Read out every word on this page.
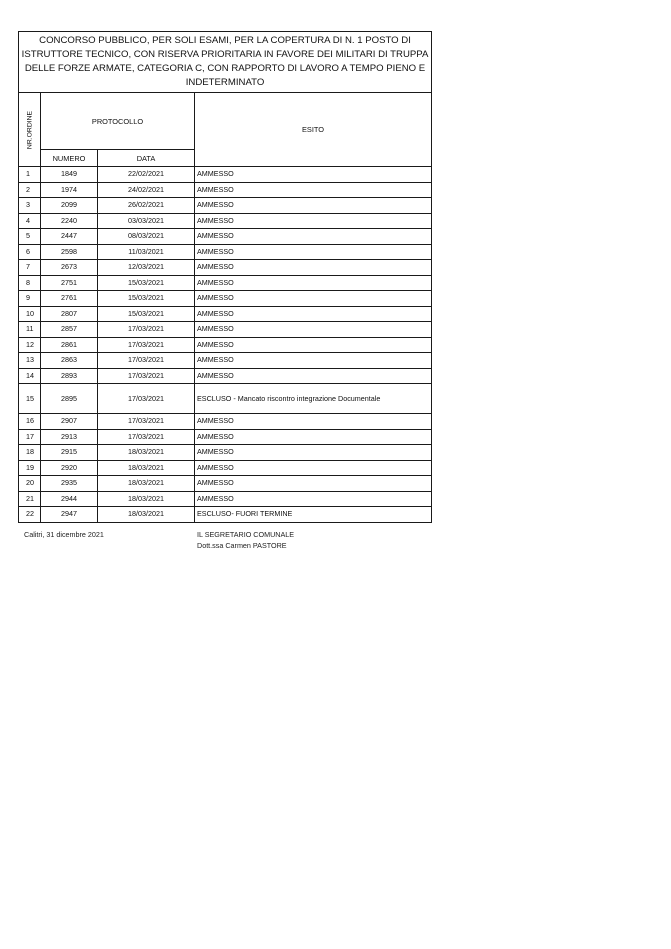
CONCORSO PUBBLICO, PER SOLI ESAMI, PER LA COPERTURA DI N. 1 POSTO DI ISTRUTTORE TECNICO, CON RISERVA PRIORITARIA IN FAVORE DEI MILITARI DI TRUPPA DELLE FORZE ARMATE, CATEGORIA C, CON RAPPORTO DI LAVORO A TEMPO PIENO E INDETERMINATO			

NR.ORDINE	PROTOCOLLO		ESITO
	NUMERO	DATA	
1	1849	22/02/2021	AMMESSO
2	1974	24/02/2021	AMMESSO
3	2099	26/02/2021	AMMESSO
4	2240	03/03/2021	AMMESSO
5	2447	08/03/2021	AMMESSO
6	2598	11/03/2021	AMMESSO
7	2673	12/03/2021	AMMESSO
8	2751	15/03/2021	AMMESSO
9	2761	15/03/2021	AMMESSO
10	2807	15/03/2021	AMMESSO
11	2857	17/03/2021	AMMESSO
12	2861	17/03/2021	AMMESSO
13	2863	17/03/2021	AMMESSO
14	2893	17/03/2021	AMMESSO
15	2895	17/03/2021	ESCLUSO - Mancato riscontro integrazione Documentale
16	2907	17/03/2021	AMMESSO
17	2913	17/03/2021	AMMESSO
18	2915	18/03/2021	AMMESSO
19	2920	18/03/2021	AMMESSO
20	2935	18/03/2021	AMMESSO
21	2944	18/03/2021	AMMESSO
22	2947	18/03/2021	ESCLUSO- FUORI TERMINE
Calitri, 31 dicembre 2021	IL SEGRETARIO COMUNALE
Dott.ssa Carmen PASTORE
